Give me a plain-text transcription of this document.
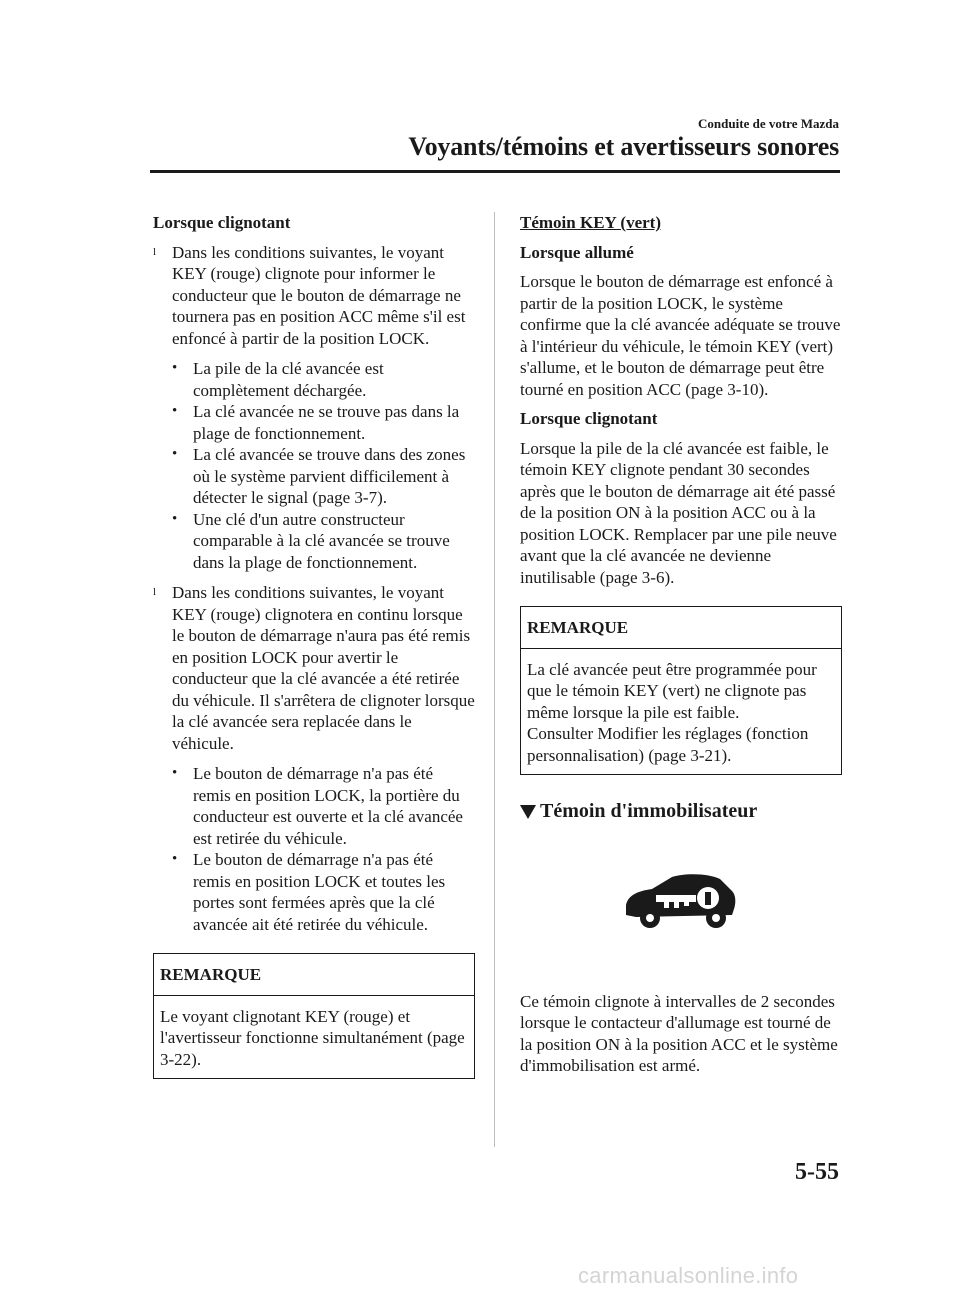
Conduite de votre Mazda
Voyants/témoins et avertisseurs sonores
Lorsque clignotant
l Dans les conditions suivantes, le voyant KEY (rouge) clignote pour informer le conducteur que le bouton de démarrage ne tournera pas en position ACC même s'il est enfoncé à partir de la position LOCK.
• La pile de la clé avancée est complètement déchargée.
• La clé avancée ne se trouve pas dans la plage de fonctionnement.
• La clé avancée se trouve dans des zones où le système parvient difficilement à détecter le signal (page 3-7).
• Une clé d'un autre constructeur comparable à la clé avancée se trouve dans la plage de fonctionnement.
l Dans les conditions suivantes, le voyant KEY (rouge) clignotera en continu lorsque le bouton de démarrage n'aura pas été remis en position LOCK pour avertir le conducteur que la clé avancée a été retirée du véhicule. Il s'arrêtera de clignoter lorsque la clé avancée sera replacée dans le véhicule.
• Le bouton de démarrage n'a pas été remis en position LOCK, la portière du conducteur est ouverte et la clé avancée est retirée du véhicule.
• Le bouton de démarrage n'a pas été remis en position LOCK et toutes les portes sont fermées après que la clé avancée ait été retirée du véhicule.
REMARQUE
Le voyant clignotant KEY (rouge) et l'avertisseur fonctionne simultanément (page 3-22).
Témoin KEY (vert)
Lorsque allumé

Lorsque le bouton de démarrage est enfoncé à partir de la position LOCK, le système confirme que la clé avancée adéquate se trouve à l'intérieur du véhicule, le témoin KEY (vert) s'allume, et le bouton de démarrage peut être tourné en position ACC (page 3-10).

Lorsque clignotant

Lorsque la pile de la clé avancée est faible, le témoin KEY clignote pendant 30 secondes après que le bouton de démarrage ait été passé de la position ON à la position ACC ou à la position LOCK. Remplacer par une pile neuve avant que la clé avancée ne devienne inutilisable (page 3-6).

REMARQUE
La clé avancée peut être programmée pour que le témoin KEY (vert) ne clignote pas même lorsque la pile est faible.
Consulter Modifier les réglages (fonction personnalisation) (page 3-21).
Témoin d'immobilisateur

Ce témoin clignote à intervalles de 2 secondes lorsque le contacteur d'allumage est tourné de la position ON à la position ACC et le système d'immobilisation est armé.

5-55
carmanualsonline.info
